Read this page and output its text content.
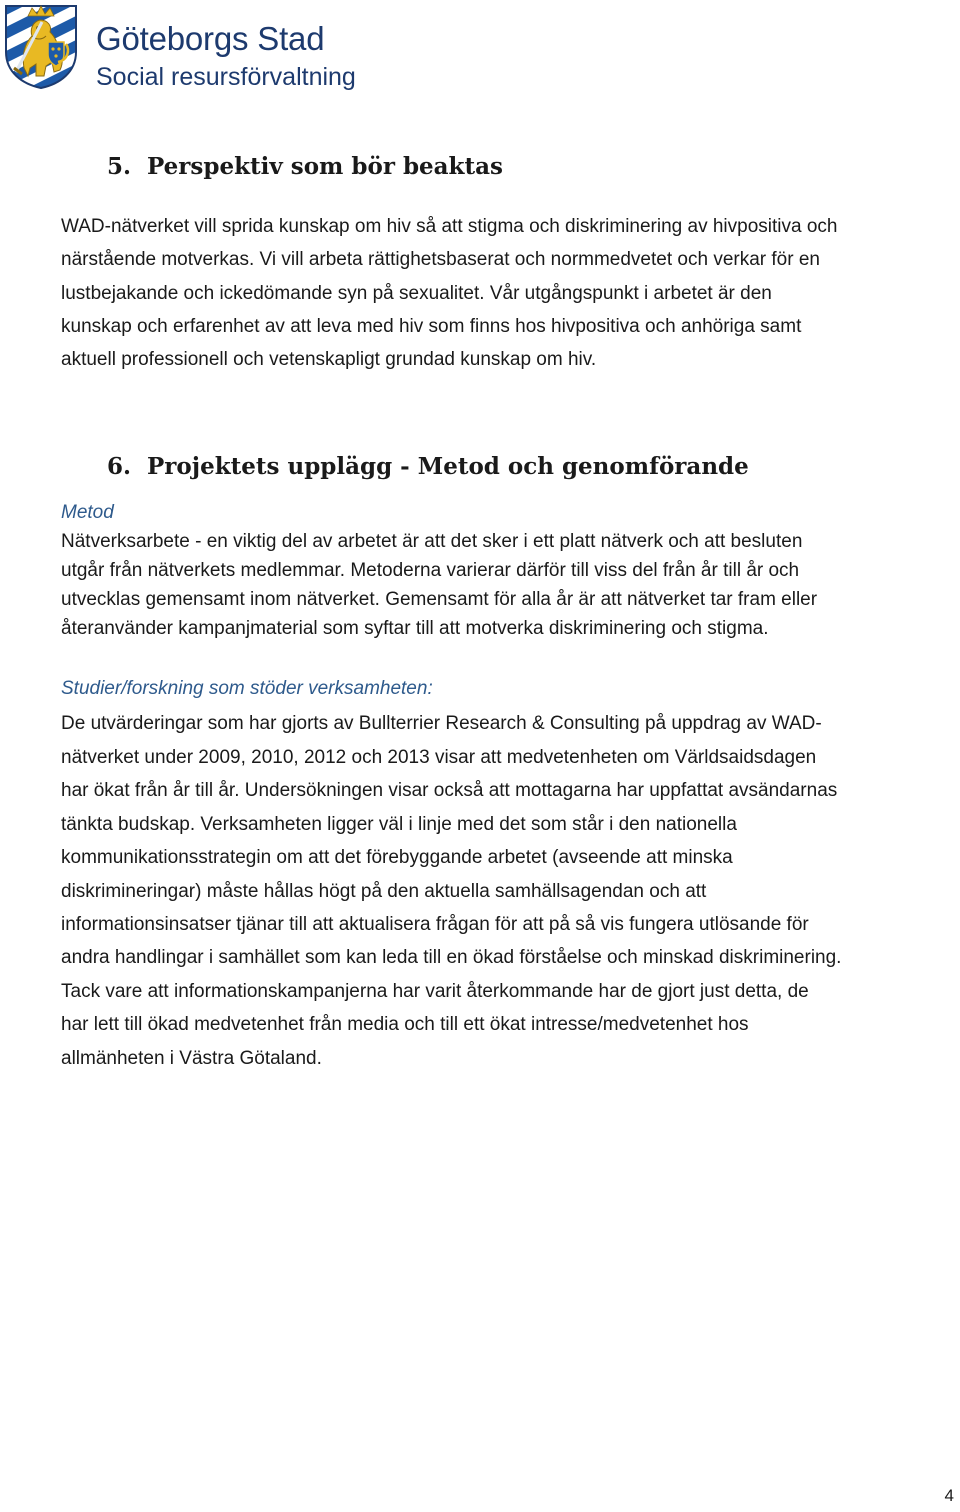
Göteborgs Stad
Social resursförvaltning
5. Perspektiv som bör beaktas

WAD-nätverket vill sprida kunskap om hiv så att stigma och diskriminering av hivpositiva och
närstående motverkas. Vi vill arbeta rättighetsbaserat och normmedvetet och verkar för en
lustbejakande och ickedömande syn på sexualitet. Vår utgångspunkt i arbetet är den
kunskap och erfarenhet av att leva med hiv som finns hos hivpositiva och anhöriga samt
aktuell professionell och vetenskapligt grundad kunskap om hiv.

6. Projektets upplägg - Metod och genomförande

Metod

Nätverksarbete - en viktig del av arbetet är att det sker i ett platt nätverk och att besluten
utgår från nätverkets medlemmar. Metoderna varierar därför till viss del från år till år och
utvecklas gemensamt inom nätverket. Gemensamt för alla år är att nätverket tar fram eller
återanvänder kampanjmaterial som syftar till att motverka diskriminering och stigma.

Studier/forskning som stöder verksamheten:

De utvärderingar som har gjorts av Bullterrier Research & Consulting på uppdrag av WAD-
nätverket under 2009, 2010, 2012 och 2013 visar att medvetenheten om Världsaidsdagen
har ökat från år till år. Undersökningen visar också att mottagarna har uppfattat avsändarnas
tänkta budskap. Verksamheten ligger väl i linje med det som står i den nationella
kommunikationsstrategin om att det förebyggande arbetet (avseende att minska
diskrimineringar) måste hållas högt på den aktuella samhällsagendan och att
informationsinsatser tjänar till att aktualisera frågan för att på så vis fungera utlösande för
andra handlingar i samhället som kan leda till en ökad förståelse och minskad diskriminering.
Tack vare att informationskampanjerna har varit återkommande har de gjort just detta, de
har lett till ökad medvetenhet från media och till ett ökat intresse/medvetenhet hos
allmänheten i Västra Götaland.

4
